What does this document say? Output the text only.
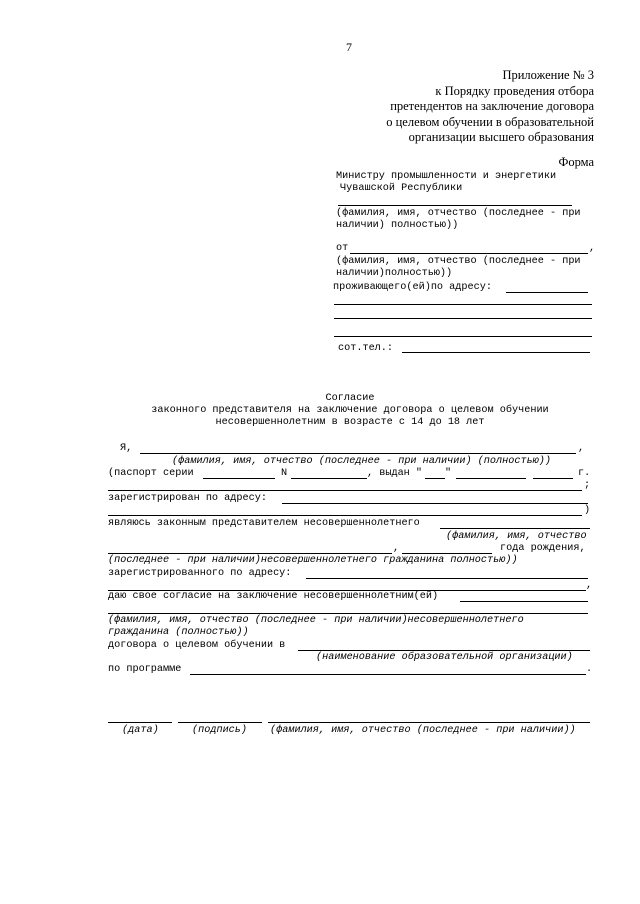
7
Приложение № 3
к Порядку проведения отбора
претендентов на заключение договора
о целевом обучении в образовательной
организации высшего образования
Форма
Министру промышленности и энергетики
Чувашской Республики
(фамилия, имя, отчество (последнее - при
наличии) полностью))
от	,
(фамилия, имя, отчество (последнее - при
наличии)полностью))
проживающего(ей)по адресу:
сот.тел.:
Согласие
законного представителя на заключение договора о целевом обучении
несовершеннолетним в возрасте с 14 до 18 лет
Я,	,
(фамилия, имя, отчество (последнее - при наличии) (полностью))
(паспорт серии	N	, выдан " "	г.
;
зарегистрирован по адресу:
)
являюсь законным представителем несовершеннолетнего
(фамилия, имя, отчество
,	года рождения,
(последнее - при наличии)несовершеннолетнего гражданина полностью))
зарегистрированного по адресу:
,
даю свое согласие на заключение несовершеннолетним(ей)
(фамилия, имя, отчество (последнее - при наличии)несовершеннолетнего
гражданина (полностью))
договора о целевом обучении в
(наименование образовательной организации)
по программе	.
(дата)	(подпись) (фамилия, имя, отчество (последнее - при наличии))
